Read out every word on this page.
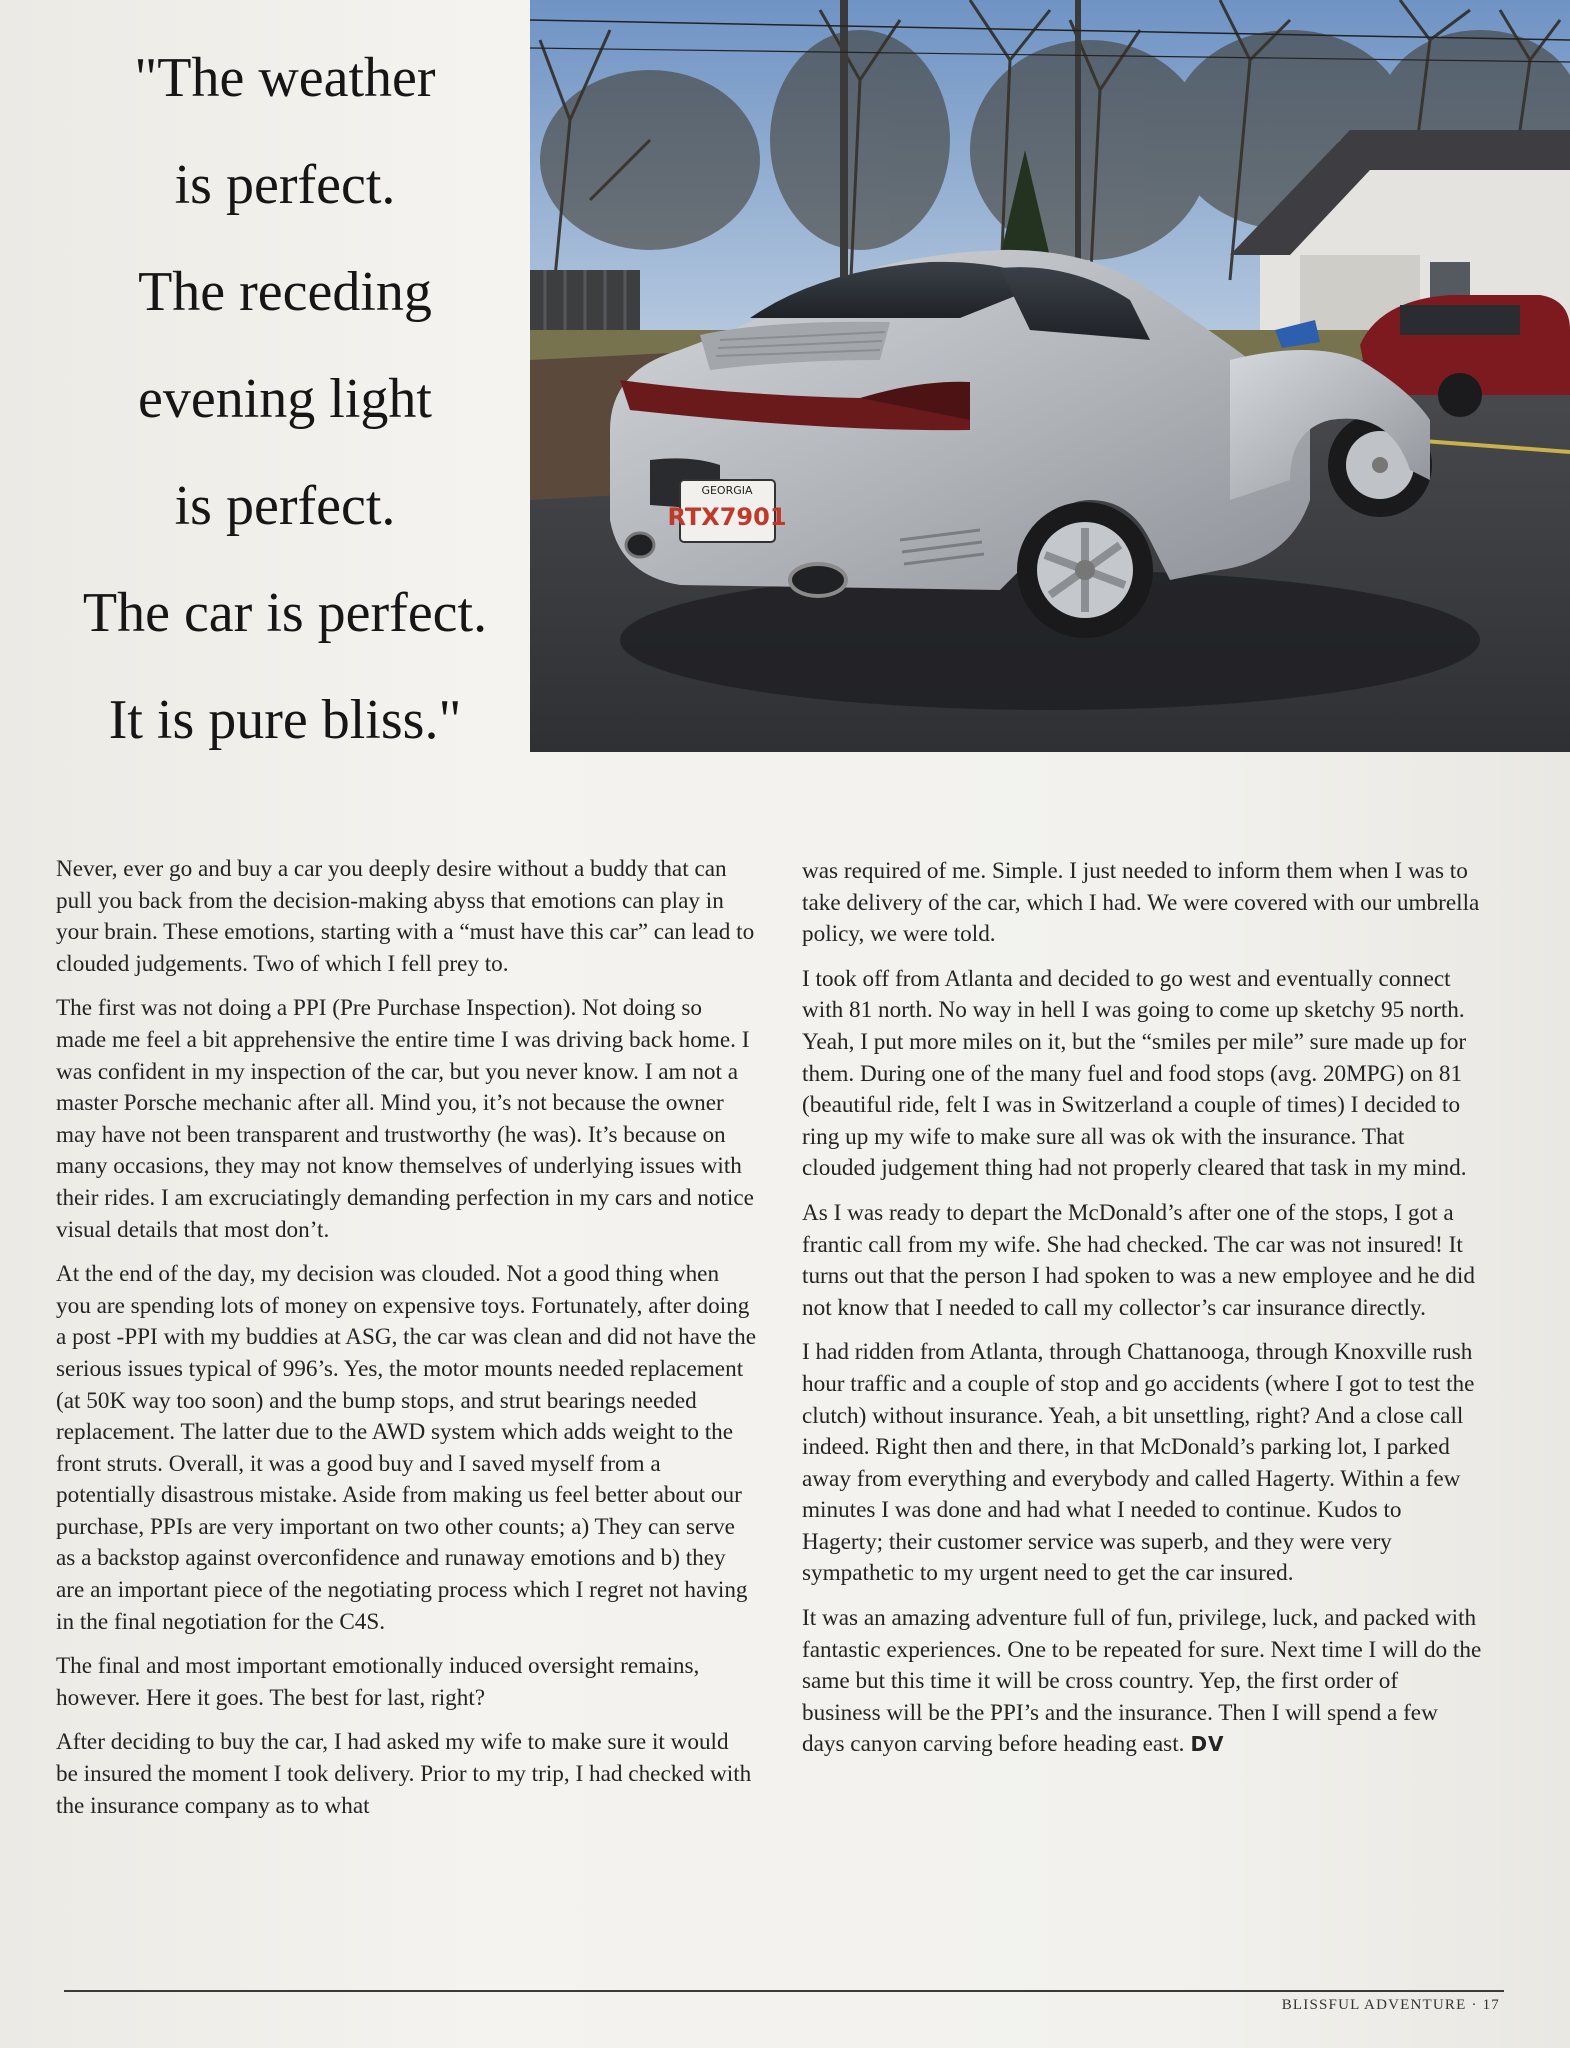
"The weather
is perfect.
The receding
evening light
is perfect.
The car is perfect.
It is pure bliss."
GEORGIA
RTX7901

Never, ever go and buy a car you deeply desire without a buddy that can pull you back from the decision-making abyss that emotions can play in your brain. These emotions, starting with a “must have this car” can lead to clouded judgements. Two of which I fell prey to.

The first was not doing a PPI (Pre Purchase Inspection). Not doing so made me feel a bit apprehensive the entire time I was driving back home. I was confident in my inspection of the car, but you never know. I am not a master Porsche mechanic after all. Mind you, it’s not because the owner may have not been transparent and trustworthy (he was). It’s because on many occasions, they may not know themselves of underlying issues with their rides. I am excruciatingly demanding perfection in my cars and notice visual details that most don’t.

At the end of the day, my decision was clouded. Not a good thing when you are spending lots of money on expensive toys. Fortunately, after doing a post -PPI with my buddies at ASG, the car was clean and did not have the serious issues typical of 996’s. Yes, the motor mounts needed replacement (at 50K way too soon) and the bump stops, and strut bearings needed replacement. The latter due to the AWD system which adds weight to the front struts. Overall, it was a good buy and I saved myself from a potentially disastrous mistake. Aside from making us feel better about our purchase, PPIs are very important on two other counts; a) They can serve as a backstop against overconfidence and runaway emotions and b) they are an important piece of the negotiating process which I regret not having in the final negotiation for the C4S.

The final and most important emotionally induced oversight remains, however. Here it goes. The best for last, right?

After deciding to buy the car, I had asked my wife to make sure it would be insured the moment I took delivery. Prior to my trip, I had checked with the insurance company as to what

was required of me. Simple. I just needed to inform them when I was to take delivery of the car, which I had. We were covered with our umbrella policy, we were told.

I took off from Atlanta and decided to go west and eventually connect with 81 north. No way in hell I was going to come up sketchy 95 north. Yeah, I put more miles on it, but the “smiles per mile” sure made up for them. During one of the many fuel and food stops (avg. 20MPG) on 81 (beautiful ride, felt I was in Switzerland a couple of times) I decided to ring up my wife to make sure all was ok with the insurance. That clouded judgement thing had not properly cleared that task in my mind.

As I was ready to depart the McDonald’s after one of the stops, I got a frantic call from my wife. She had checked. The car was not insured! It turns out that the person I had spoken to was a new employee and he did not know that I needed to call my collector’s car insurance directly.

I had ridden from Atlanta, through Chattanooga, through Knoxville rush hour traffic and a couple of stop and go accidents (where I got to test the clutch) without insurance. Yeah, a bit unsettling, right? And a close call indeed. Right then and there, in that McDonald’s parking lot, I parked away from everything and everybody and called Hagerty. Within a few minutes I was done and had what I needed to continue. Kudos to Hagerty; their customer service was superb, and they were very sympathetic to my urgent need to get the car insured.

It was an amazing adventure full of fun, privilege, luck, and packed with fantastic experiences. One to be repeated for sure. Next time I will do the same but this time it will be cross country. Yep, the first order of business will be the PPI’s and the insurance. Then I will spend a few days canyon carving before heading east. DV

BLISSFUL ADVENTURE · 17
